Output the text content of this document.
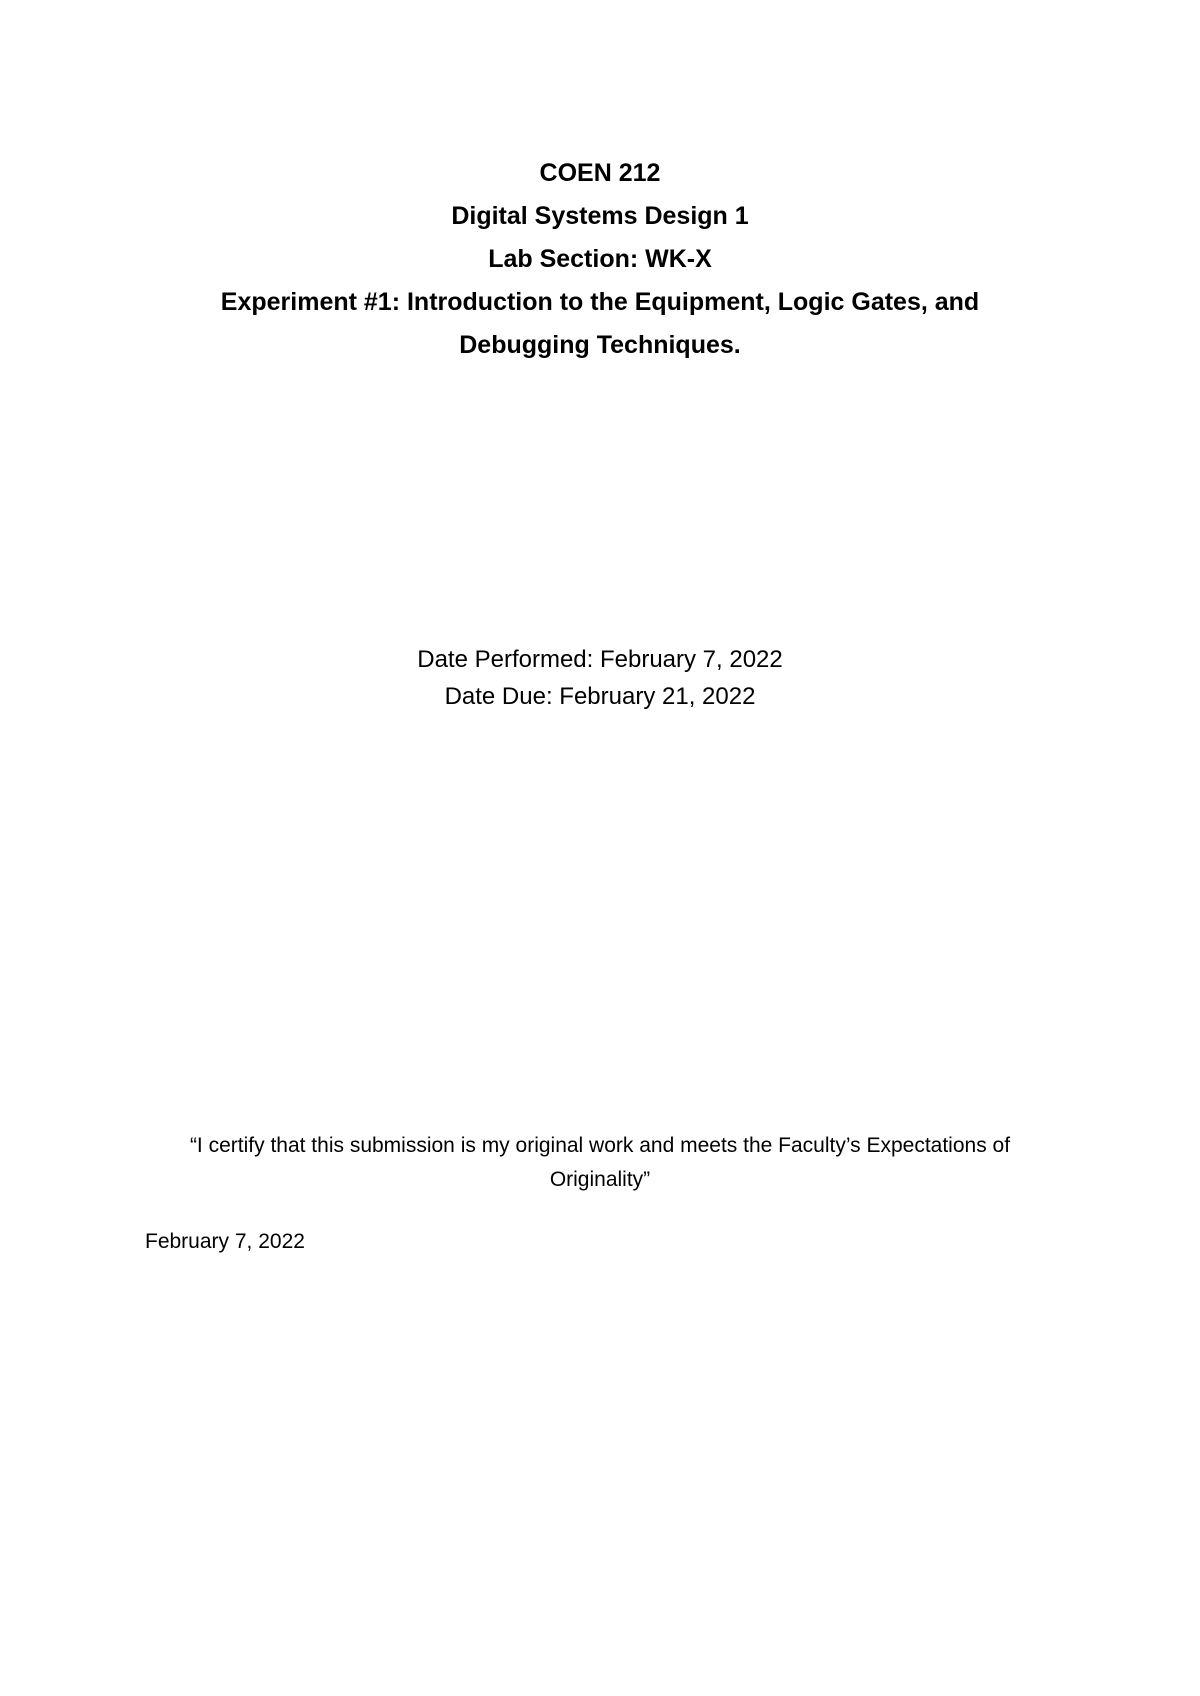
COEN 212
Digital Systems Design 1
Lab Section: WK-X
Experiment #1: Introduction to the Equipment, Logic Gates, and
Debugging Techniques.
Date Performed: February 7, 2022
Date Due: February 21, 2022
“I certify that this submission is my original work and meets the Faculty’s Expectations of
Originality”
February 7, 2022
